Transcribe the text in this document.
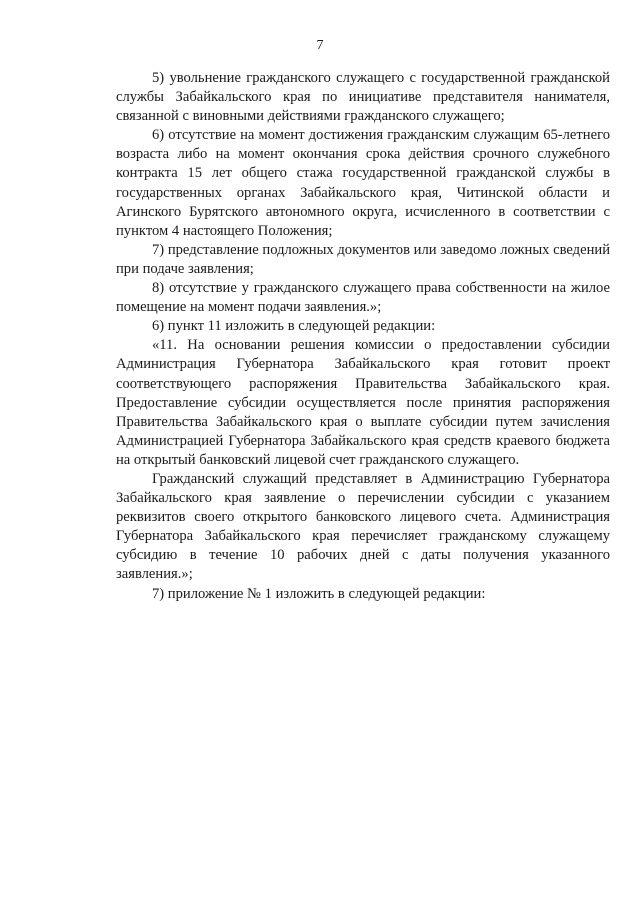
7

5) увольнение гражданского служащего с государственной гражданской службы Забайкальского края по инициативе представителя нанимателя, связанной с виновными действиями гражданского служащего;

6) отсутствие на момент достижения гражданским служащим 65-летнего возраста либо на момент окончания срока действия срочного служебного контракта 15 лет общего стажа государственной гражданской службы в государственных органах Забайкальского края, Читинской области и Агинского Бурятского автономного округа, исчисленного в соответствии с пунктом 4 настоящего Положения;

7) представление подложных документов или заведомо ложных сведений при подаче заявления;

8) отсутствие у гражданского служащего права собственности на жилое помещение на момент подачи заявления.»;

6) пункт 11 изложить в следующей редакции:

«11. На основании решения комиссии о предоставлении субсидии Администрация Губернатора Забайкальского края готовит проект соответствующего распоряжения Правительства Забайкальского края. Предоставление субсидии осуществляется после принятия распоряжения Правительства Забайкальского края о выплате субсидии путем зачисления Администрацией Губернатора Забайкальского края средств краевого бюджета на открытый банковский лицевой счет гражданского служащего.

Гражданский служащий представляет в Администрацию Губернатора Забайкальского края заявление о перечислении субсидии с указанием реквизитов своего открытого банковского лицевого счета. Администрация Губернатора Забайкальского края перечисляет гражданскому служащему субсидию в течение 10 рабочих дней с даты получения указанного заявления.»;

7) приложение № 1 изложить в следующей редакции:
